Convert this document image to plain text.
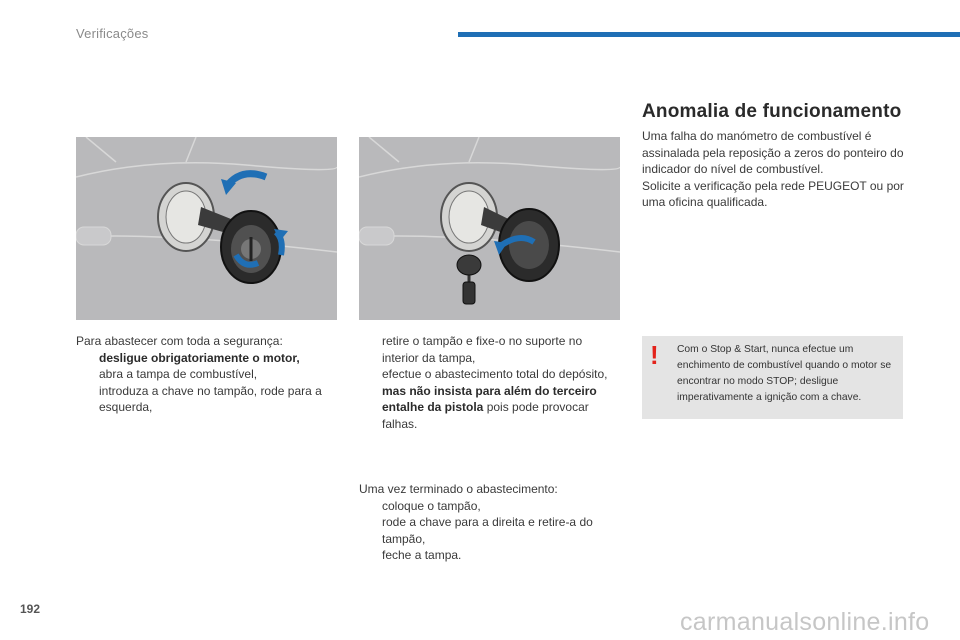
Verificações

Para abastecer com toda a segurança:

desligue obrigatoriamente o motor,
abra a tampa de combustível,
introduza a chave no tampão, rode para a esquerda,
retire o tampão e fixe-o no suporte no interior da tampa,
efectue o abastecimento total do depósito, mas não insista para além do terceiro entalhe da pistola pois pode provocar falhas.

Uma vez terminado o abastecimento:

coloque o tampão,
rode a chave para a direita e retire-a do tampão,
feche a tampa.
Anomalia de funcionamento

Uma falha do manómetro de combustível é assinalada pela reposição a zeros do ponteiro do indicador do nível de combustível.

Solicite a verificação pela rede PEUGEOT ou por uma oficina qualificada.

! Com o Stop & Start, nunca efectue um enchimento de combustível quando o motor se encontrar no modo STOP; desligue imperativamente a ignição com a chave.
192	carmanualsonline.info
